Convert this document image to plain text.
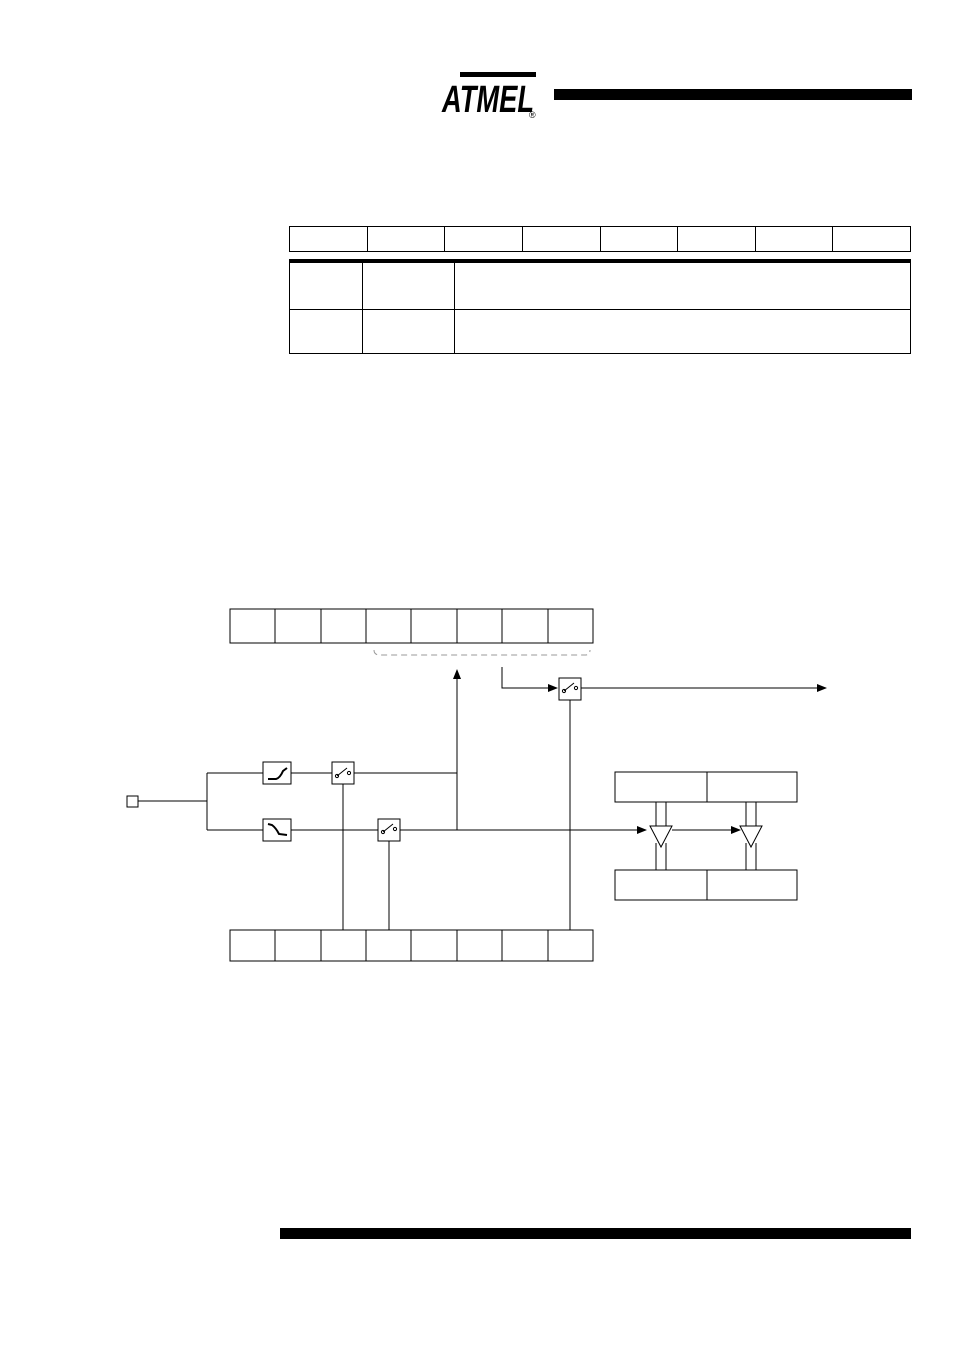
ATMEL
®
